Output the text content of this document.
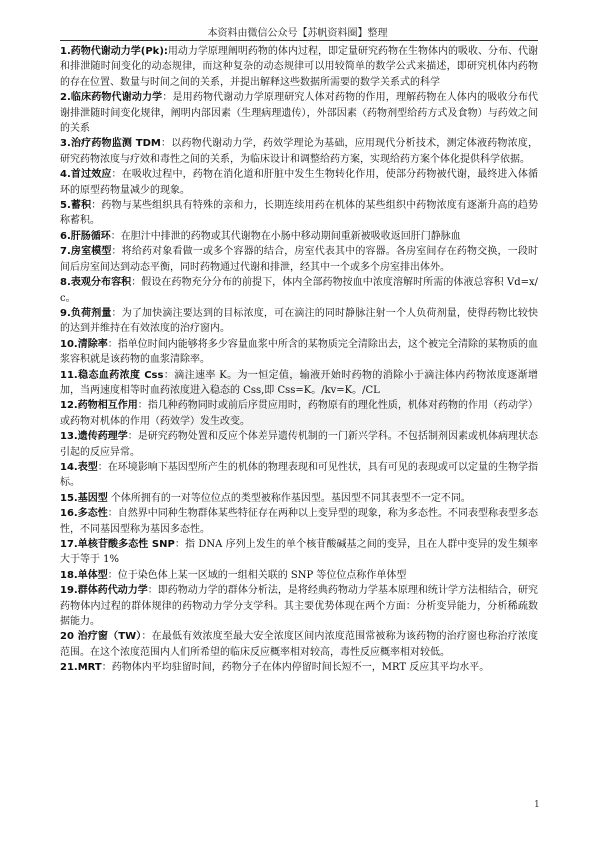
本资料由微信公众号【苏帆资料圈】整理

1.药物代谢动力学(Pk):用动力学原理阐明药物的体内过程，即定量研究药物在生物体内的吸收、分布、代谢和排泄随时间变化的动态规律，而这种复杂的动态规律可以用较简单的数学公式来描述，即研究机体内药物的存在位置、数量与时间之间的关系，并提出解释这些数据所需要的数学关系式的科学

2.临床药物代谢动力学：是用药物代谢动力学原理研究人体对药物的作用，理解药物在人体内的吸收分布代谢排泄随时间变化规律，阐明内部因素（生理病理遗传），外部因素（药物剂型给药方式及食物）与药效之间的关系

3.治疗药物监测 TDM：以药物代谢动力学，药效学理论为基础，应用现代分析技术，测定体液药物浓度，研究药物浓度与疗效和毒性之间的关系，为临床设计和调整给药方案，实现给药方案个体化提供科学依据。

4.首过效应：在吸收过程中，药物在消化道和肝脏中发生生物转化作用，使部分药物被代谢，最终进入体循环的原型药物量减少的现象。

5.蓄积：药物与某些组织具有特殊的亲和力，长期连续用药在机体的某些组织中药物浓度有逐渐升高的趋势称蓄积。

6.肝肠循环：在胆汁中排泄的药物或其代谢物在小肠中移动期间重新被吸收返回肝门静脉血

7.房室模型：将给药对象看做一或多个容器的结合，房室代表其中的容器。各房室间存在药物交换，一段时间后房室间达到动态平衡，同时药物通过代谢和排泄，经其中一个或多个房室排出体外。

8.表观分布容积：假设在药物充分分布的前提下，体内全部药物按血中浓度溶解时所需的体液总容积 Vd=x/c。

9.负荷剂量：为了加快滴注要达到的目标浓度，可在滴注的同时静脉注射一个人负荷剂量，使得药物比较快的达到并维持在有效浓度的治疗窗内。

10.清除率：指单位时间内能够将多少容量血浆中所含的某物质完全清除出去，这个被完全清除的某物质的血浆容积就是该药物的血浆清除率。

11.稳态血药浓度 Css：滴注速率 K。为一恒定值，输液开始时药物的消除小于滴注体内药物浓度逐渐增加，当两速度相等时血药浓度进入稳态的 Css,即 Css=K。/kv=K。/CL

12.药物相互作用：指几种药物同时或前后序贯应用时，药物原有的理化性质，机体对药物的作用（药动学）或药物对机体的作用（药效学）发生改变。

13.遗传药理学：是研究药物处置和反应个体差异遗传机制的一门新兴学科。不包括制剂因素或机体病理状态引起的反应异常。

14.表型：在环境影响下基因型所产生的机体的物理表现和可见性状，具有可见的表现或可以定量的生物学指标。

15.基因型 个体所拥有的一对等位位点的类型被称作基因型。基因型不同其表型不一定不同。

16.多态性：自然界中同种生物群体某些特征存在两种以上变异型的现象，称为多态性。不同表型称表型多态性，不同基因型称为基因多态性。

17.单核苷酸多态性 SNP：指 DNA 序列上发生的单个核苷酸碱基之间的变异，且在人群中变异的发生频率大于等于 1%

18.单体型：位于染色体上某一区域的一组相关联的 SNP 等位位点称作单体型

19.群体药代动力学：即药物动力学的群体分析法，是将经典药物动力学基本原理和统计学方法相结合，研究药物体内过程的群体规律的药物动力学分支学科。其主要优势体现在两个方面：分析变异能力，分析稀疏数据能力。

20 治疗窗（TW）：在最低有效浓度至最大安全浓度区间内浓度范围常被称为该药物的治疗窗也称治疗浓度范围。在这个浓度范围内人们所希望的临床反应概率相对较高，毒性反应概率相对较低。

21.MRT：药物体内平均驻留时间，药物分子在体内停留时间长短不一，MRT 反应其平均水平。

1
